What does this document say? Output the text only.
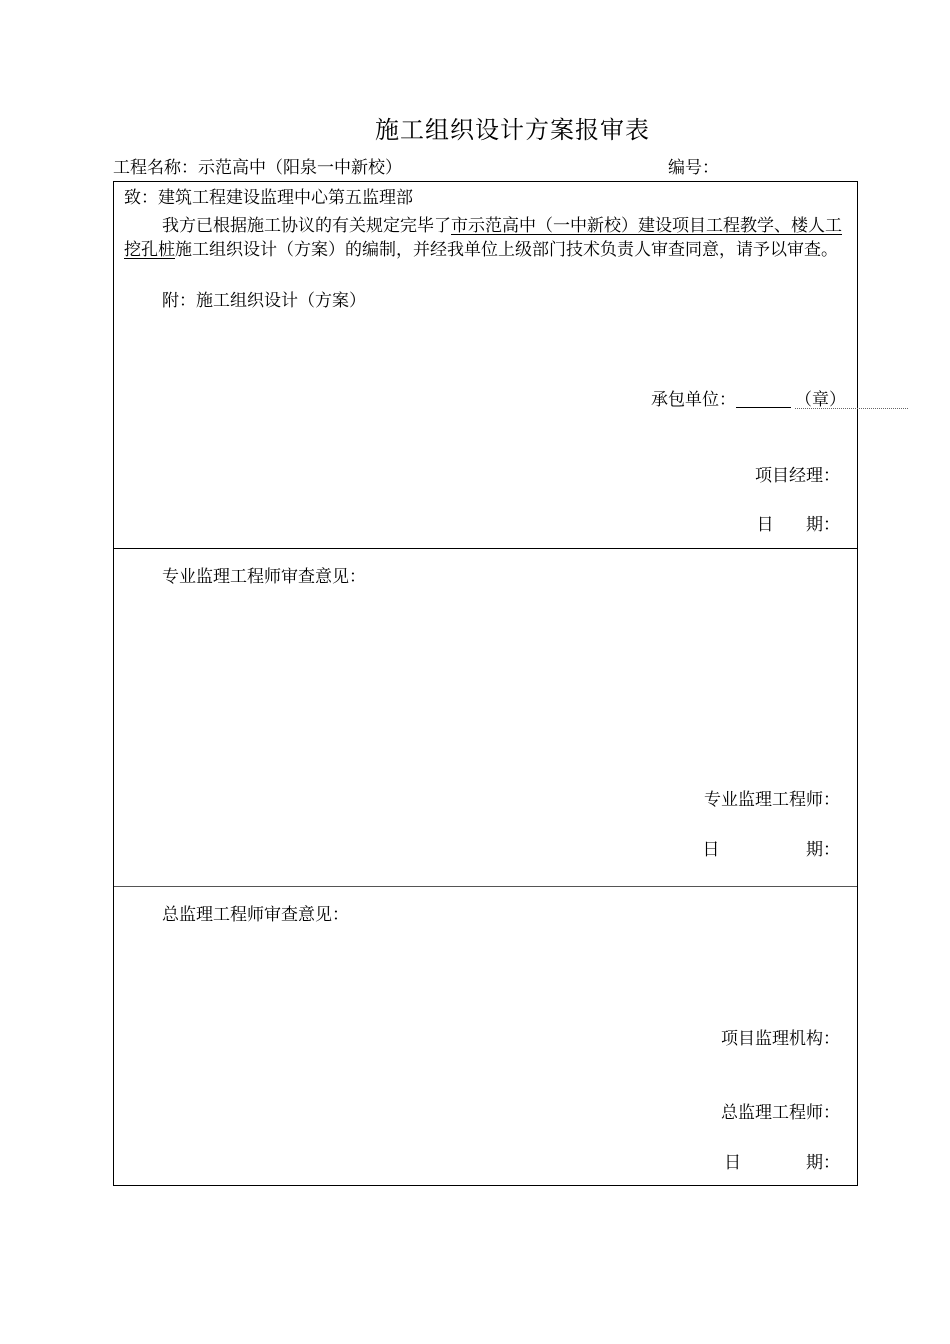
施工组织设计方案报审表
工程名称：示范高中（阳泉一中新校）	编号：
致：建筑工程建设监理中心第五监理部
我方已根据施工协议的有关规定完毕了市示范高中（一中新校）建设项目工程教学、楼人工挖孔桩施工组织设计（方案）的编制，并经我单位上级部门技术负责人审查同意，请予以审查。
附：施工组织设计（方案）
承包单位：	（章）
项目经理：
日      期：
专业监理工程师审查意见：
专业监理工程师：
日                期：
总监理工程师审查意见：
项目监理机构：
总监理工程师：
日            期：
